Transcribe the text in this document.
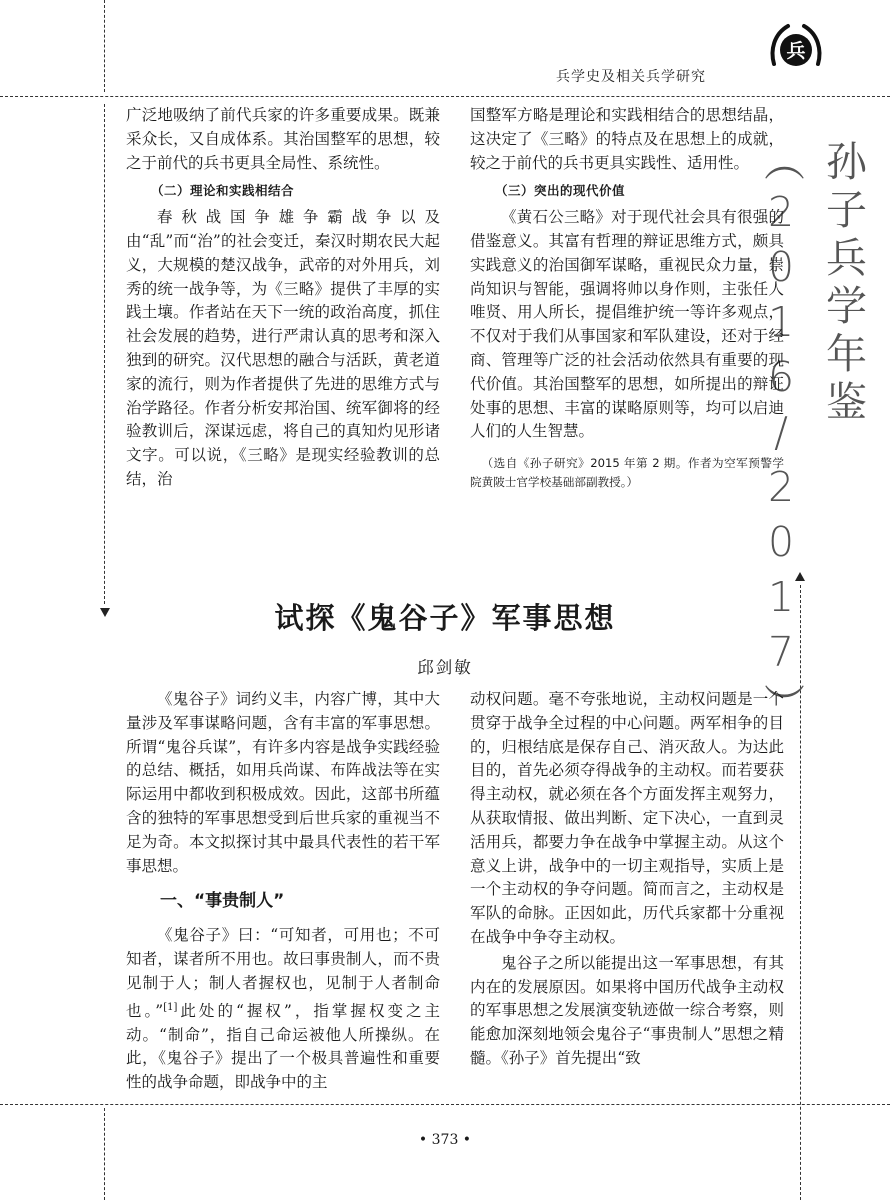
兵学史及相关兵学研究
兵
孙子兵学年鉴（2016/2017）

广泛地吸纳了前代兵家的许多重要成果。既兼采众长，又自成体系。其治国整军的思想，较之于前代的兵书更具全局性、系统性。

（二）理论和实践相结合

春秋战国争雄争霸战争以及由“乱”而“治”的社会变迁，秦汉时期农民大起义，大规模的楚汉战争，武帝的对外用兵，刘秀的统一战争等，为《三略》提供了丰厚的实践土壤。作者站在天下一统的政治高度，抓住社会发展的趋势，进行严肃认真的思考和深入独到的研究。汉代思想的融合与活跃，黄老道家的流行，则为作者提供了先进的思维方式与治学路径。作者分析安邦治国、统军御将的经验教训后，深谋远虑，将自己的真知灼见形诸文字。可以说，《三略》是现实经验教训的总结，治

国整军方略是理论和实践相结合的思想结晶，这决定了《三略》的特点及在思想上的成就，较之于前代的兵书更具实践性、适用性。

（三）突出的现代价值

《黄石公三略》对于现代社会具有很强的借鉴意义。其富有哲理的辩证思维方式，颇具实践意义的治国御军谋略，重视民众力量，崇尚知识与智能，强调将帅以身作则，主张任人唯贤、用人所长，提倡维护统一等许多观点，不仅对于我们从事国家和军队建设，还对于经商、管理等广泛的社会活动依然具有重要的现代价值。其治国整军的思想，如所提出的辩证处事的思想、丰富的谋略原则等，均可以启迪人们的人生智慧。

（选自《孙子研究》2015 年第 2 期。作者为空军预警学院黄陂士官学校基础部副教授。）
试探《鬼谷子》军事思想
邱剑敏

《鬼谷子》词约义丰，内容广博，其中大量涉及军事谋略问题，含有丰富的军事思想。所谓“鬼谷兵谋”，有许多内容是战争实践经验的总结、概括，如用兵尚谋、布阵战法等在实际运用中都收到积极成效。因此，这部书所蕴含的独特的军事思想受到后世兵家的重视当不足为奇。本文拟探讨其中最具代表性的若干军事思想。

一、“事贵制人”

《鬼谷子》曰：“可知者，可用也；不可知者，谋者所不用也。故曰事贵制人，而不贵见制于人；制人者握权也，见制于人者制命也。”[1]此处的“握权”，指掌握权变之主动。“制命”，指自己命运被他人所操纵。在此，《鬼谷子》提出了一个极具普遍性和重要性的战争命题，即战争中的主

动权问题。毫不夸张地说，主动权问题是一个贯穿于战争全过程的中心问题。两军相争的目的，归根结底是保存自己、消灭敌人。为达此目的，首先必须夺得战争的主动权。而若要获得主动权，就必须在各个方面发挥主观努力，从获取情报、做出判断、定下决心，一直到灵活用兵，都要力争在战争中掌握主动。从这个意义上讲，战争中的一切主观指导，实质上是一个主动权的争夺问题。简而言之，主动权是军队的命脉。正因如此，历代兵家都十分重视在战争中争夺主动权。

鬼谷子之所以能提出这一军事思想，有其内在的发展原因。如果将中国历代战争主动权的军事思想之发展演变轨迹做一综合考察，则能愈加深刻地领会鬼谷子“事贵制人”思想之精髓。《孙子》首先提出“致

• 373 •
